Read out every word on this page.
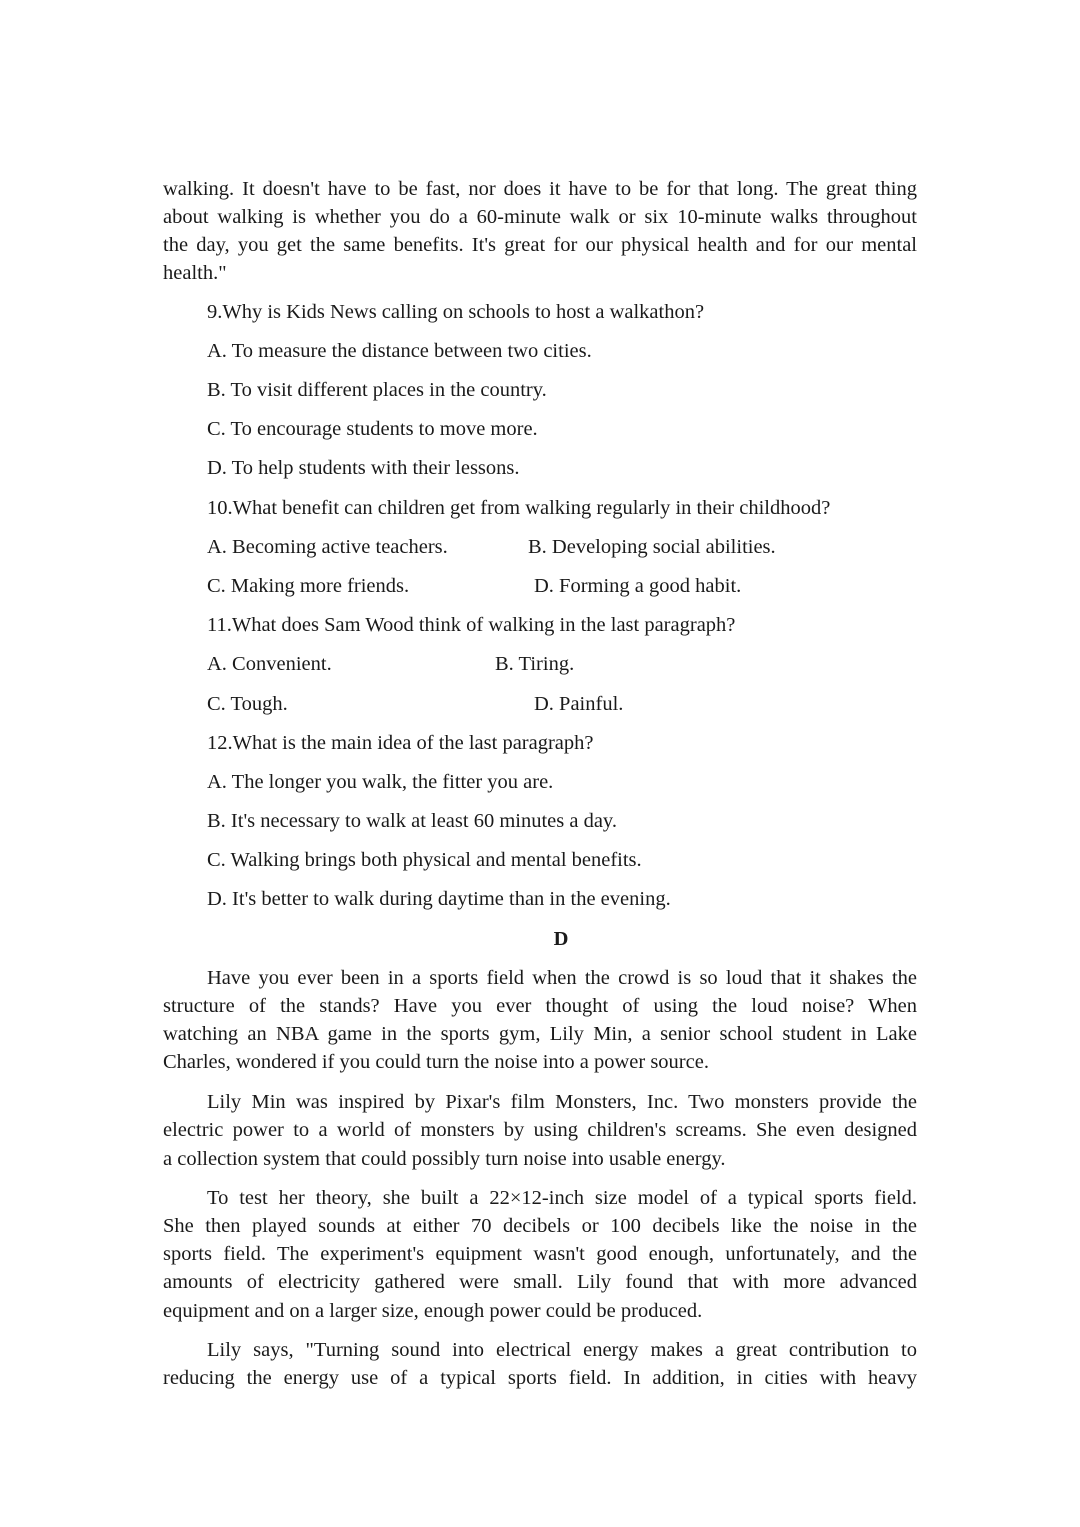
walking. It doesn't have to be fast, nor does it have to be for that long. The great thing
about walking is whether you do a 60-minute walk or six 10-minute walks throughout
the day, you get the same benefits. It's great for our physical health and for our mental
health."
9.Why is Kids News calling on schools to host a walkathon?
A. To measure the distance between two cities.
B. To visit different places in the country.
C. To encourage students to move more.
D. To help students with their lessons.
10.What benefit can children get from walking regularly in their childhood?
A. Becoming active teachers.	B. Developing social abilities.
C. Making more friends.	D. Forming a good habit.
11.What does Sam Wood think of walking in the last paragraph?
A. Convenient.	B. Tiring.
C. Tough.	D. Painful.
12.What is the main idea of the last paragraph?
A. The longer you walk, the fitter you are.
B. It's necessary to walk at least 60 minutes a day.
C. Walking brings both physical and mental benefits.
D. It's better to walk during daytime than in the evening.
D
Have you ever been in a sports field when the crowd is so loud that it shakes the
structure of the stands? Have you ever thought of using the loud noise? When
watching an NBA game in the sports gym, Lily Min, a senior school student in Lake
Charles, wondered if you could turn the noise into a power source.
Lily Min was inspired by Pixar's film Monsters, Inc. Two monsters provide the
electric power to a world of monsters by using children's screams. She even designed
a collection system that could possibly turn noise into usable energy.
To test her theory, she built a 22×12-inch size model of a typical sports field.
She then played sounds at either 70 decibels or 100 decibels like the noise in the
sports field. The experiment's equipment wasn't good enough, unfortunately, and the
amounts of electricity gathered were small. Lily found that with more advanced
equipment and on a larger size, enough power could be produced.
Lily says, "Turning sound into electrical energy makes a great contribution to
reducing the energy use of a typical sports field. In addition, in cities with heavy
